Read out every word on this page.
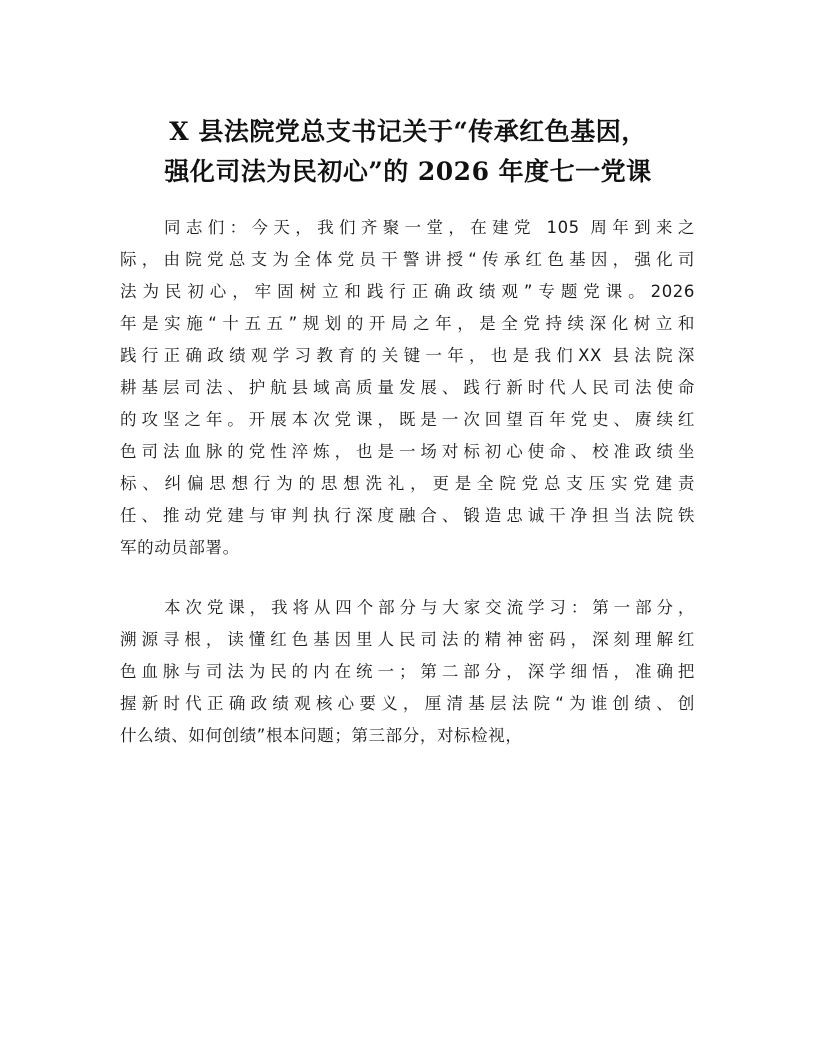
X 县法院党总支书记关于“传承红色基因，
强化司法为民初心”的 2026 年度七一党课

同志们：今天，我们齐聚一堂，在建党 105 周年到来之
际，由院党总支为全体党员干警讲授“传承红色基因，强化司
法为民初心，牢固树立和践行正确政绩观”专题党课。2026
年是实施“十五五”规划的开局之年，是全党持续深化树立和
践行正确政绩观学习教育的关键一年，也是我们XX 县法院深
耕基层司法、护航县域高质量发展、践行新时代人民司法使命
的攻坚之年。开展本次党课，既是一次回望百年党史、赓续红
色司法血脉的党性淬炼，也是一场对标初心使命、校准政绩坐
标、纠偏思想行为的思想洗礼，更是全院党总支压实党建责
任、推动党建与审判执行深度融合、锻造忠诚干净担当法院铁
军的动员部署。

本次党课，我将从四个部分与大家交流学习：第一部分，
溯源寻根，读懂红色基因里人民司法的精神密码，深刻理解红
色血脉与司法为民的内在统一；第二部分，深学细悟，准确把
握新时代正确政绩观核心要义，厘清基层法院“为谁创绩、创
什么绩、如何创绩”根本问题；第三部分，对标检视，
